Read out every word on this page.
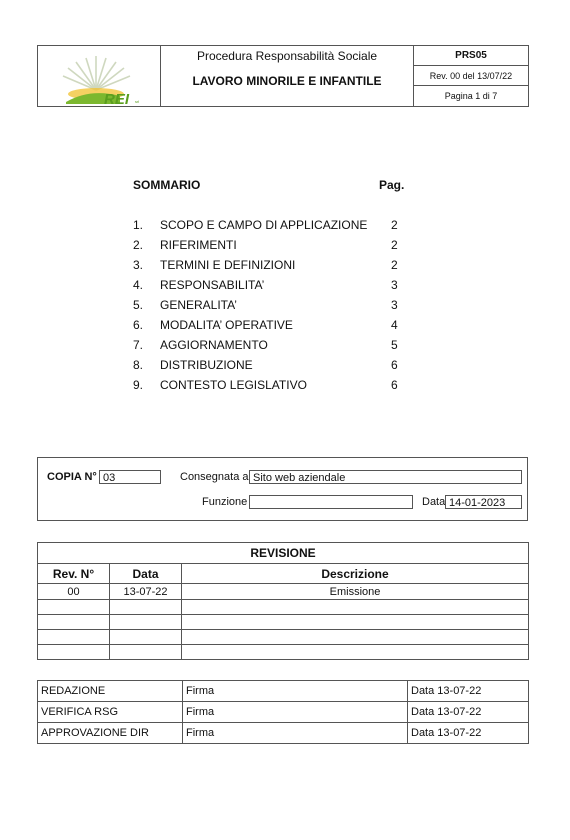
REI srl

Procedura Responsabilità Sociale
LAVORO MINORILE E INFANTILE
	PRS05
Rev. 00 del 13/07/22
Pagina 1 di 7
SOMMARIO	Pag.
1. SCOPO E CAMPO DI APPLICAZIONE 2
2. RIFERIMENTI	2
3. TERMINI E DEFINIZIONI	2
4. RESPONSABILITA’	3
5. GENERALITA’	3
6. MODALITA’ OPERATIVE	4
7. AGGIORNAMENTO	5
8. DISTRIBUZIONE	6
9. CONTESTO LEGISLATIVO	6
COPIA N° 03	Consegnata a Sito web aziendale
Funzione	Data 14-01-2023
REVISIONE		
Rev. N°	Data	Descrizione
00	13-07-22	Emissione

REDAZIONE	Firma	Data 13-07-22
VERIFICA RSG	Firma	Data 13-07-22
APPROVAZIONE DIR	Firma	Data 13-07-22
